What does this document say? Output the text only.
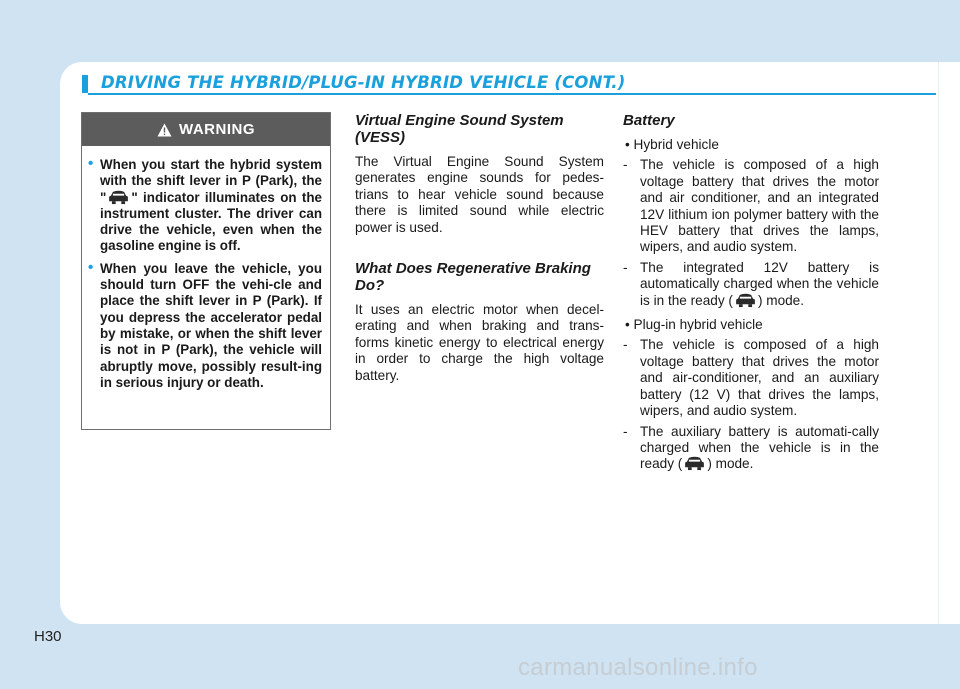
DRIVING THE HYBRID/PLUG-IN HYBRID VEHICLE (CONT.)
WARNING
• When you start the hybrid system with the shift lever in P (Park), the " " indicator illuminates on the instrument cluster. The driver can drive the vehicle, even when the gasoline engine is off.
• When you leave the vehicle, you should turn OFF the vehi-cle and place the shift lever in P (Park). If you depress the accelerator pedal by mistake, or when the shift lever is not in P (Park), the vehicle will abruptly move, possibly result-ing in serious injury or death.
Virtual Engine Sound System (VESS)

The Virtual Engine Sound System generates engine sounds for pedes-trians to hear vehicle sound because there is limited sound while electric power is used.

What Does Regenerative Braking Do?

It uses an electric motor when decel-erating and when braking and trans-forms kinetic energy to electrical energy in order to charge the high voltage battery.

Battery
• Hybrid vehicle
- The vehicle is composed of a high voltage battery that drives the motor and air conditioner, and an integrated 12V lithium ion polymer battery with the HEV battery that drives the lamps, wipers, and audio system.
- The integrated 12V battery is automatically charged when the vehicle is in the ready ( ) mode.
• Plug-in hybrid vehicle
- The vehicle is composed of a high voltage battery that drives the motor and air-conditioner, and an auxiliary battery (12 V) that drives the lamps, wipers, and audio system.
- The auxiliary battery is automati-cally charged when the vehicle is in the ready ( ) mode.
H30
carmanualsonline.info
